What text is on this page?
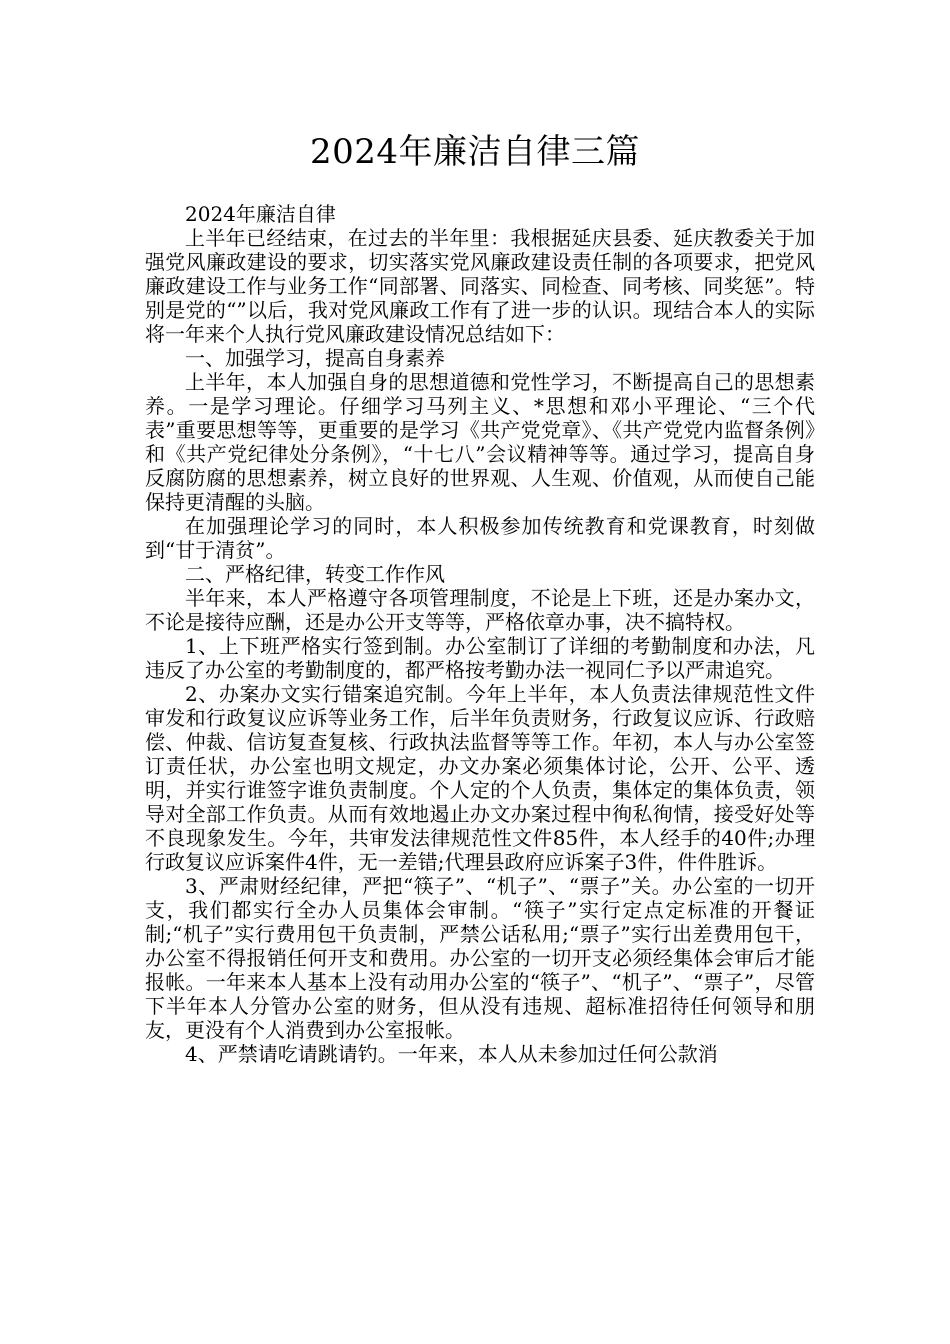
2024年廉洁自律三篇

2024年廉洁自律

上半年已经结束，在过去的半年里：我根据延庆县委、延庆教委关于加强党风廉政建设的要求，切实落实党风廉政建设责任制的各项要求，把党风廉政建设工作与业务工作“同部署、同落实、同检查、同考核、同奖惩”。特别是党的“”以后，我对党风廉政工作有了进一步的认识。现结合本人的实际将一年来个人执行党风廉政建设情况总结如下：

一、加强学习，提高自身素养

上半年，本人加强自身的思想道德和党性学习，不断提高自己的思想素养。一是学习理论。仔细学习马列主义、*思想和邓小平理论、“三个代表”重要思想等等，更重要的是学习《共产党党章》、《共产党党内监督条例》和《共产党纪律处分条例》，“十七八”会议精神等等。通过学习，提高自身反腐防腐的思想素养，树立良好的世界观、人生观、价值观，从而使自己能保持更清醒的头脑。

在加强理论学习的同时，本人积极参加传统教育和党课教育，时刻做到“甘于清贫”。

二、严格纪律，转变工作作风

半年来，本人严格遵守各项管理制度，不论是上下班，还是办案办文，不论是接待应酬，还是办公开支等等，严格依章办事，决不搞特权。

1、上下班严格实行签到制。办公室制订了详细的考勤制度和办法，凡违反了办公室的考勤制度的，都严格按考勤办法一视同仁予以严肃追究。

2、办案办文实行错案追究制。今年上半年，本人负责法律规范性文件审发和行政复议应诉等业务工作，后半年负责财务，行政复议应诉、行政赔偿、仲裁、信访复查复核、行政执法监督等等工作。年初，本人与办公室签订责任状，办公室也明文规定，办文办案必须集体讨论，公开、公平、透明，并实行谁签字谁负责制度。个人定的个人负责，集体定的集体负责，领导对全部工作负责。从而有效地遏止办文办案过程中徇私徇情，接受好处等不良现象发生。今年，共审发法律规范性文件85件，本人经手的40件;办理行政复议应诉案件4件，无一差错;代理县政府应诉案子3件，件件胜诉。

3、严肃财经纪律，严把“筷子”、“机子”、“票子”关。办公室的一切开支，我们都实行全办人员集体会审制。“筷子”实行定点定标准的开餐证制;“机子”实行费用包干负责制，严禁公话私用;“票子”实行出差费用包干，办公室不得报销任何开支和费用。办公室的一切开支必须经集体会审后才能报帐。一年来本人基本上没有动用办公室的“筷子”、“机子”、“票子”，尽管下半年本人分管办公室的财务，但从没有违规、超标准招待任何领导和朋友，更没有个人消费到办公室报帐。

4、严禁请吃请跳请钓。一年来，本人从未参加过任何公款消
